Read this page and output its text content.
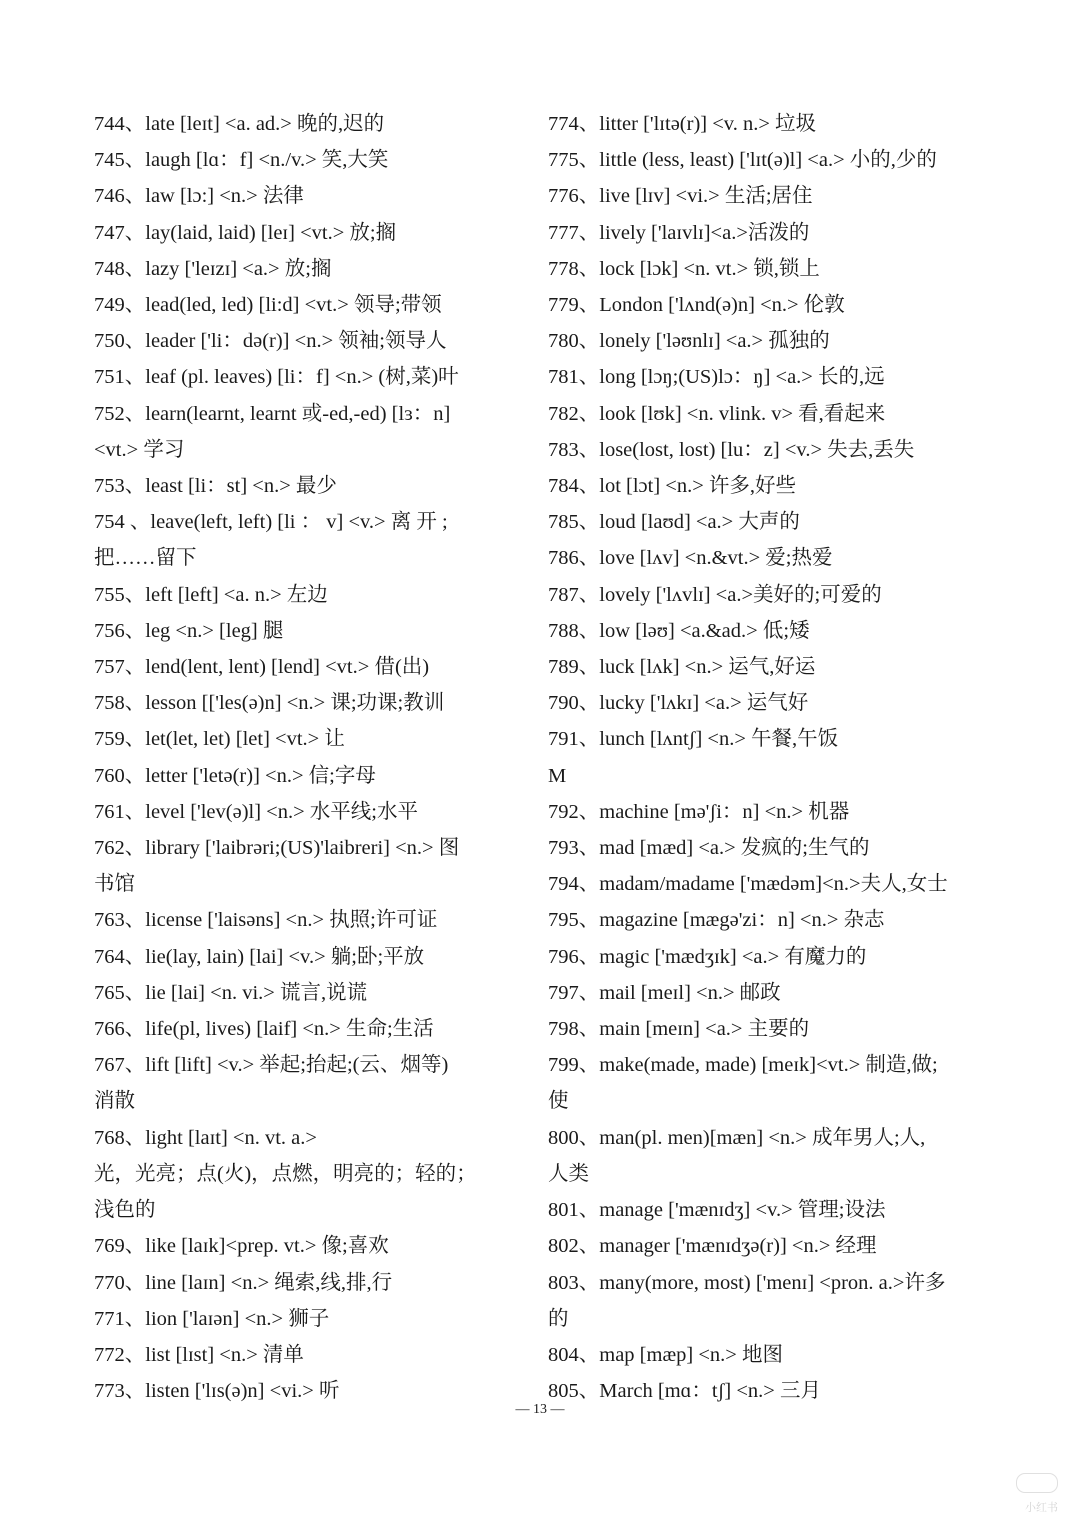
744、late [leɪt] <a. ad.> 晚的,迟的
745、laugh [lɑ：f] <n./v.> 笑,大笑
746、law [lɔ:] <n.> 法律
747、lay(laid, laid) [leɪ] <vt.> 放;搁
748、lazy ['leɪzɪ] <a.> 放;搁
749、lead(led, led) [li:d] <vt.> 领导;带领
750、leader ['li：də(r)] <n.> 领袖;领导人
751、leaf (pl. leaves) [li：f] <n.> (树,菜)叶
752、learn(learnt, learnt 或-ed,-ed) [lɜ：n]
<vt.> 学习
753、least [li：st] <n.> 最少
754 、leave(left, left) [li ： v] <v.> 离 开 ;
把……留下
755、left [left] <a. n.> 左边
756、leg <n.> [leg] 腿
757、lend(lent, lent) [lend] <vt.> 借(出)
758、lesson [['les(ə)n] <n.> 课;功课;教训
759、let(let, let) [let] <vt.> 让
760、letter ['letə(r)] <n.> 信;字母
761、level ['lev(ə)l] <n.> 水平线;水平
762、library ['laibrəri;(US)'laibreri] <n.> 图
书馆
763、license ['laisəns] <n.> 执照;许可证
764、lie(lay, lain) [lai] <v.> 躺;卧;平放
765、lie [lai] <n. vi.> 谎言,说谎
766、life(pl, lives) [laif] <n.> 生命;生活
767、lift [lift] <v.> 举起;抬起;(云、烟等)
消散
768、light [laɪt] <n. vt. a.>
光，光亮；点(火)，点燃，明亮的；轻的；
浅色的
769、like [laɪk]<prep. vt.> 像;喜欢
770、line [laɪn] <n.> 绳索,线,排,行
771、lion ['laɪən] <n.> 狮子
772、list [lɪst] <n.> 清单
773、listen ['lɪs(ə)n] <vi.> 听
774、litter ['lɪtə(r)] <v. n.> 垃圾
775、little (less, least) ['lɪt(ə)l] <a.> 小的,少的
776、live [lɪv] <vi.> 生活;居住
777、lively ['laɪvlɪ]<a.>活泼的
778、lock [lɔk] <n. vt.> 锁,锁上
779、London ['lʌnd(ə)n] <n.> 伦敦
780、lonely ['ləʊnlɪ] <a.> 孤独的
781、long [lɔŋ;(US)lɔ：ŋ] <a.> 长的,远
782、look [lʊk] <n. vlink. v> 看,看起来
783、lose(lost, lost) [lu：z] <v.> 失去,丢失
784、lot [lɔt] <n.> 许多,好些
785、loud [laʊd] <a.> 大声的
786、love [lʌv] <n.&vt.> 爱;热爱
787、lovely ['lʌvlɪ] <a.>美好的;可爱的
788、low [ləʊ] <a.&ad.> 低;矮
789、luck [lʌk] <n.> 运气,好运
790、lucky ['lʌkɪ] <a.> 运气好
791、lunch [lʌntʃ] <n.> 午餐,午饭
M
792、machine [mə'ʃi：n] <n.> 机器
793、mad [mæd] <a.> 发疯的;生气的
794、madam/madame ['mædəm]<n.>夫人,女士
795、magazine [mægə'zi：n] <n.> 杂志
796、magic ['mædʒɪk] <a.> 有魔力的
797、mail [meɪl] <n.> 邮政
798、main [meɪn] <a.> 主要的
799、make(made, made) [meɪk]<vt.> 制造,做;
使
800、man(pl. men)[mæn] <n.> 成年男人;人,
人类
801、manage ['mænɪdʒ] <v.> 管理;设法
802、manager ['mænɪdʒə(r)] <n.> 经理
803、many(more, most) ['menɪ] <pron. a.>许多
的
804、map [mæp] <n.> 地图
805、March [mɑ：tʃ] <n.> 三月
— 13 —
小红书
